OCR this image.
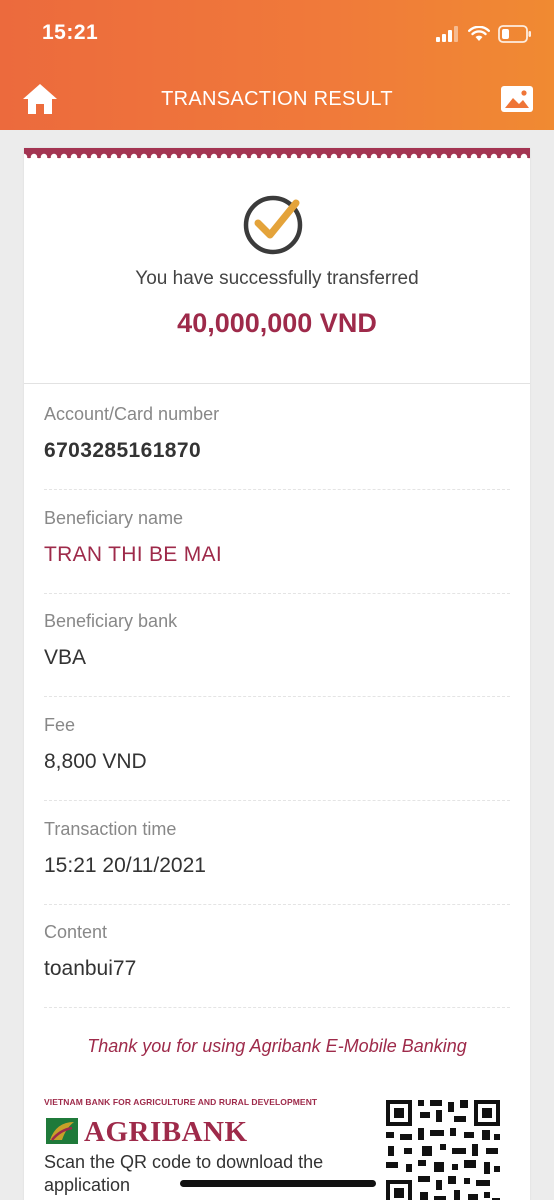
15:21
TRANSACTION RESULT
You have successfully transferred
40,000,000 VND
Account/Card number
6703285161870
Beneficiary name
TRAN THI BE MAI
Beneficiary bank
VBA
Fee
8,800 VND
Transaction time
15:21 20/11/2021
Content
toanbui77
Thank you for using Agribank E-Mobile Banking
VIETNAM BANK FOR AGRICULTURE AND RURAL DEVELOPMENT
AGRIBANK
Scan the QR code to download the application
